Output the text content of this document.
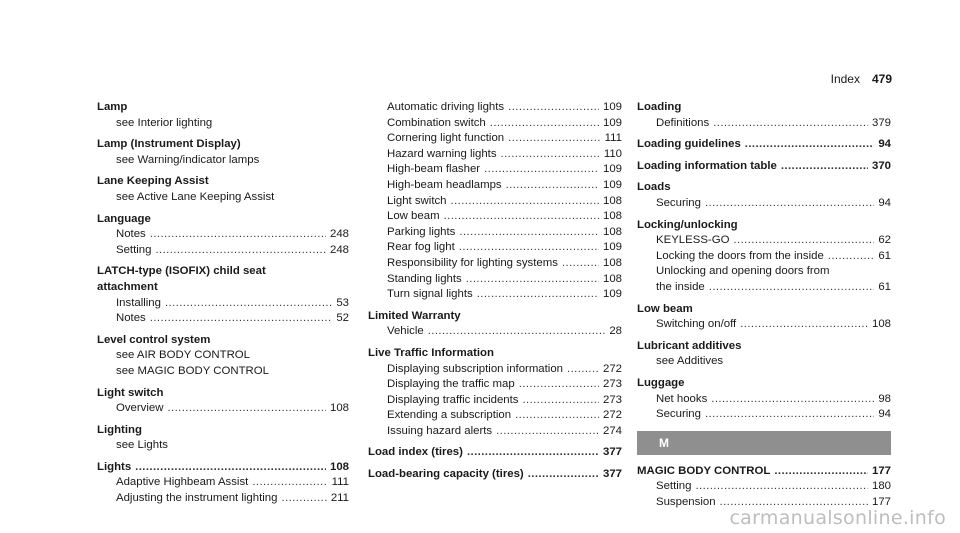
Index 479
Lamp
see Interior lighting
Lamp (Instrument Display)
see Warning/indicator lamps
Lane Keeping Assist
see Active Lane Keeping Assist
Language
Notes .....	248
Setting .....	248
LATCH-type (ISOFIX) child seat
attachment
Installing .....	53
Notes .....	52
Level control system
see AIR BODY CONTROL
see MAGIC BODY CONTROL
Light switch
Overview .....	108
Lighting
see Lights
Lights .....	108
Adaptive Highbeam Assist .....	111
Adjusting the instrument lighting .....	211
Automatic driving lights .....	109
Combination switch .....	109
Cornering light function .....	111
Hazard warning lights .....	110
High-beam flasher .....	109
High-beam headlamps .....	109
Light switch .....	108
Low beam .....	108
Parking lights .....	108
Rear fog light .....	109
Responsibility for lighting systems .....	108
Standing lights .....	108
Turn signal lights .....	109
Limited Warranty
Vehicle .....	28
Live Traffic Information
Displaying subscription information .....	272
Displaying the traffic map .....	273
Displaying traffic incidents .....	273
Extending a subscription .....	272
Issuing hazard alerts .....	274
Load index (tires) .....	377
Load-bearing capacity (tires) .....	377
Loading
Definitions .....	379
Loading guidelines .....	94
Loading information table .....	370
Loads
Securing .....	94
Locking/unlocking
KEYLESS-GO .....	62
Locking the doors from the inside .....	61
Unlocking and opening doors from
the inside .....	61
Low beam
Switching on/off .....	108
Lubricant additives
see Additives
Luggage
Net hooks .....	98
Securing .....	94
M
MAGIC BODY CONTROL .....	177
Setting .....	180
Suspension .....	177
carmanualsonline.info
